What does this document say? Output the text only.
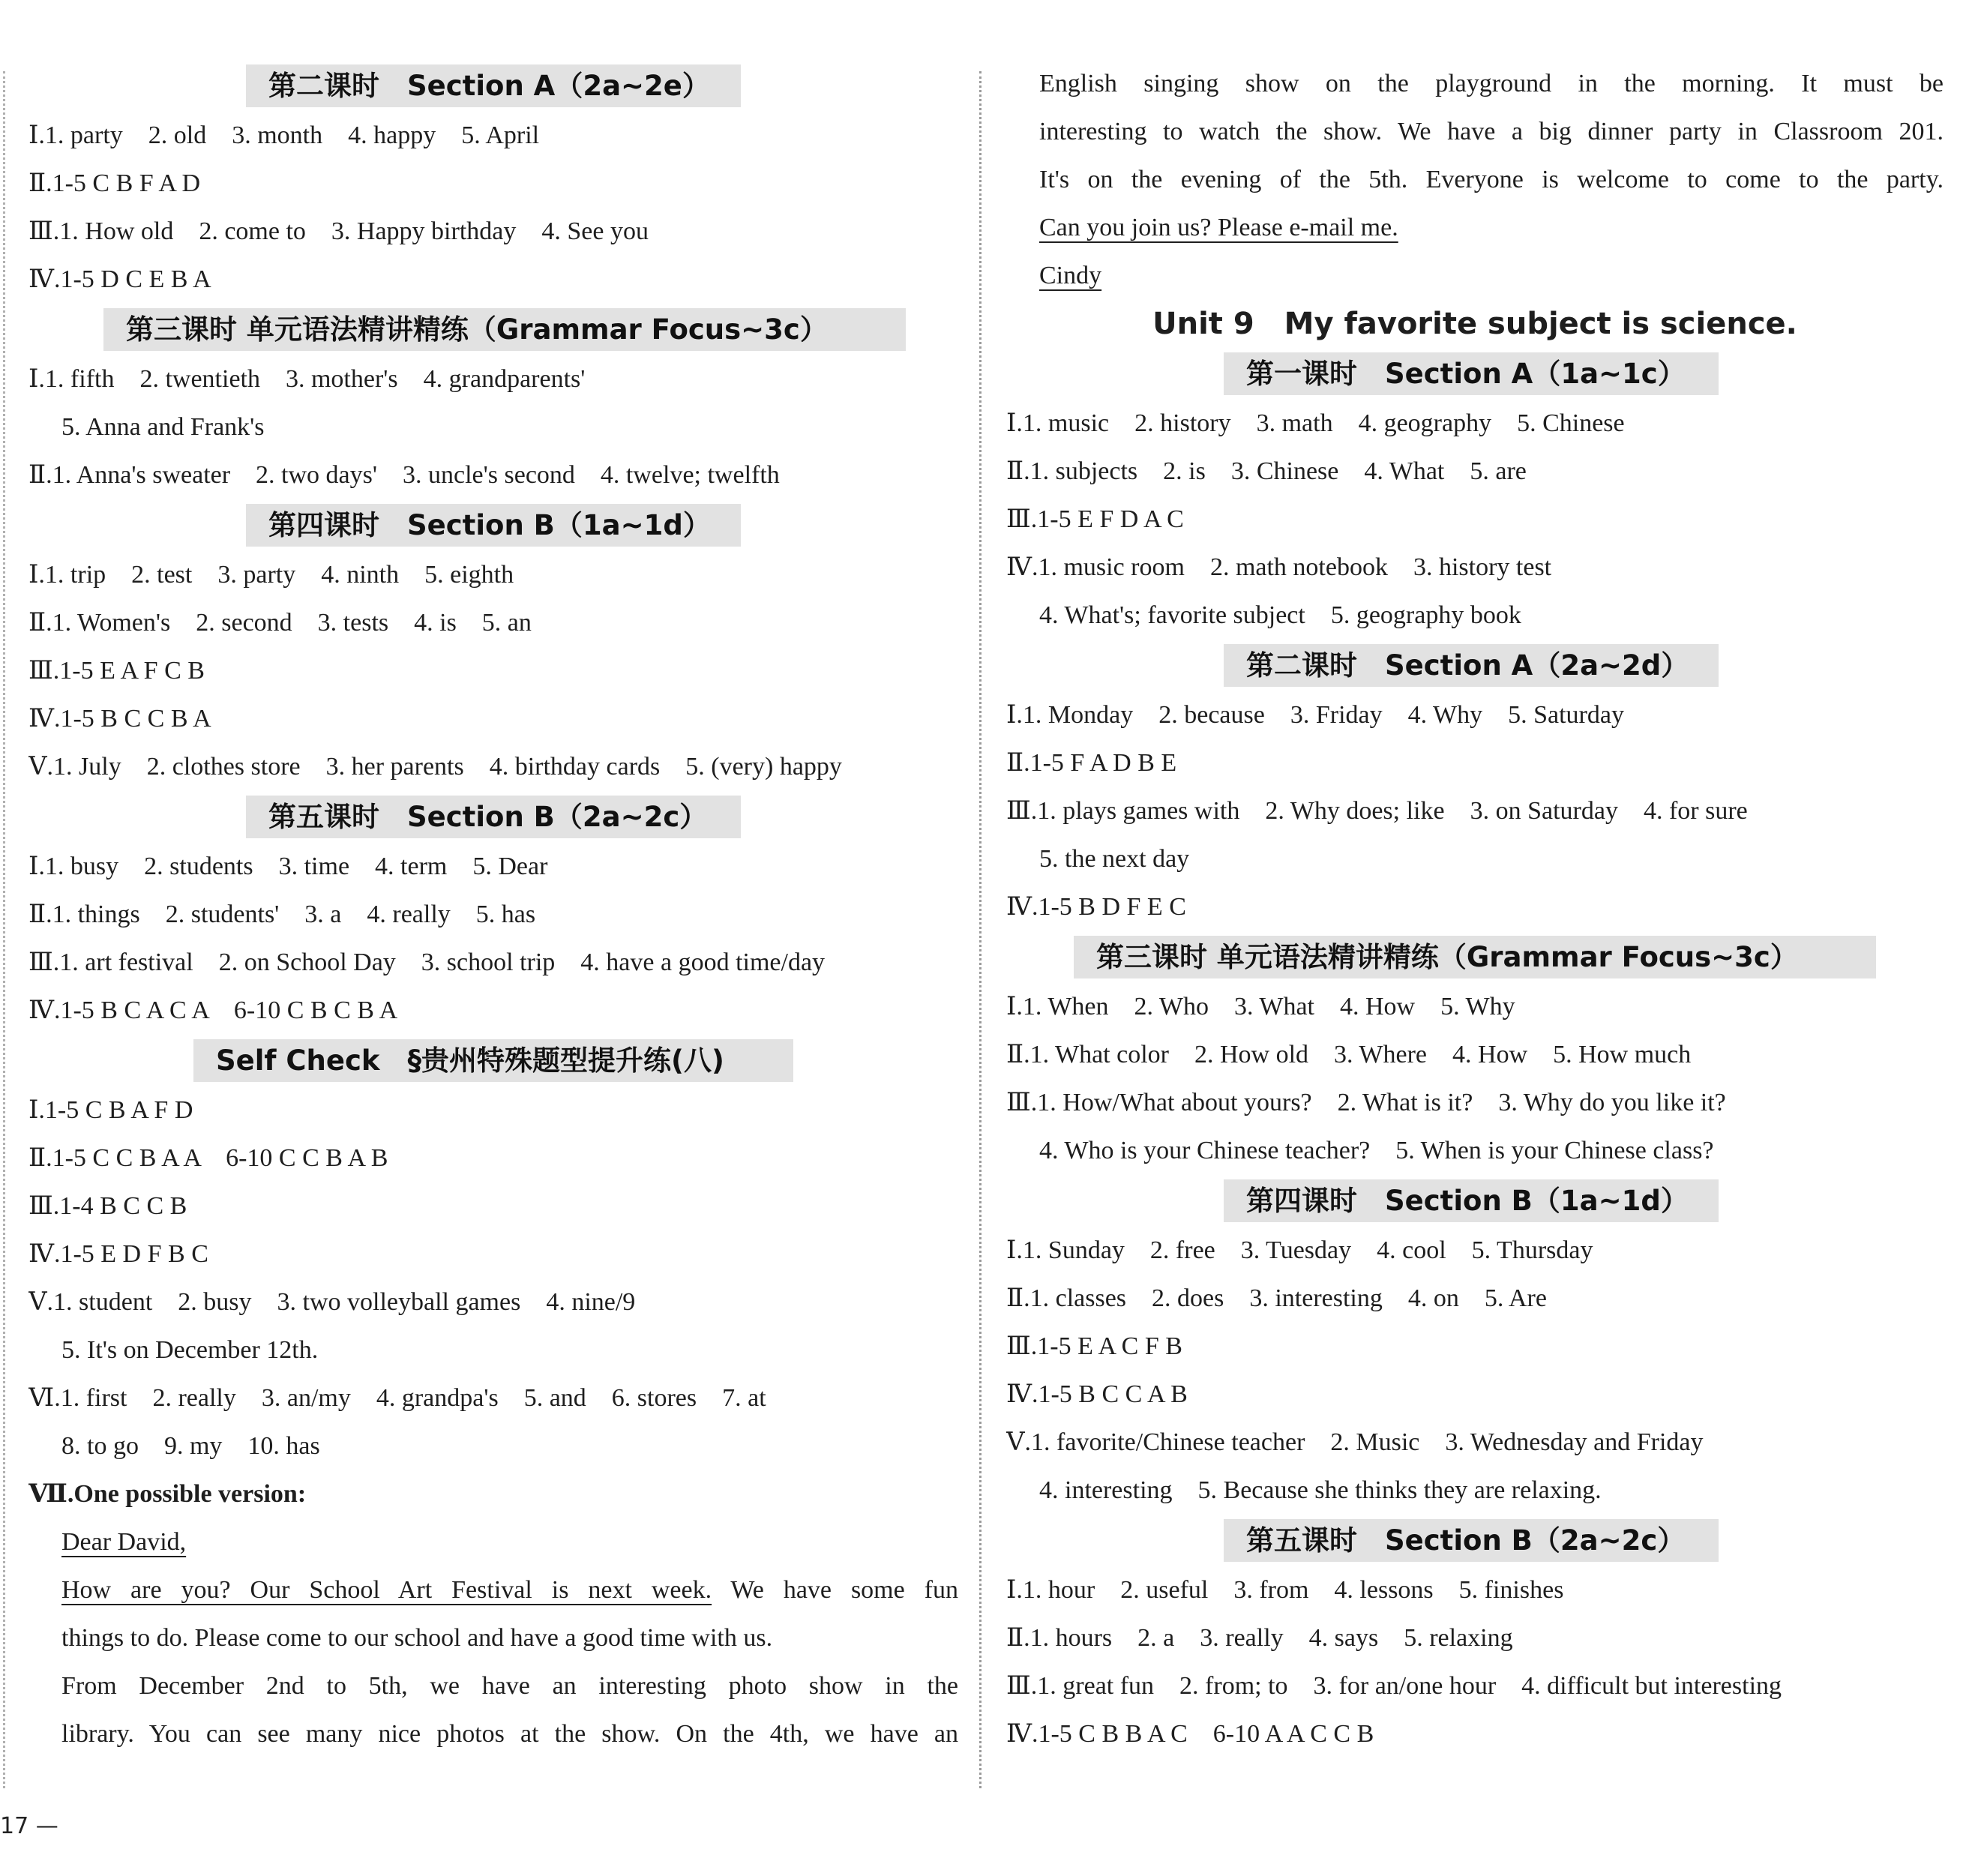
第二课时　Section A（2a~2e）
Ⅰ.1. party　2. old　3. month　4. happy　5. April
Ⅱ.1-5 C B F A D
Ⅲ.1. How old　2. come to　3. Happy birthday　4. See you
Ⅳ.1-5 D C E B A
第三课时 单元语法精讲精练（Grammar Focus~3c）
Ⅰ.1. fifth　2. twentieth　3. mother's　4. grandparents'
5. Anna and Frank's
Ⅱ.1. Anna's sweater　2. two days'　3. uncle's second　4. twelve; twelfth
第四课时　Section B（1a~1d）
Ⅰ.1. trip　2. test　3. party　4. ninth　5. eighth
Ⅱ.1. Women's　2. second　3. tests　4. is　5. an
Ⅲ.1-5 E A F C B
Ⅳ.1-5 B C C B A
Ⅴ.1. July　2. clothes store　3. her parents　4. birthday cards　5. (very) happy
第五课时　Section B（2a~2c）
Ⅰ.1. busy　2. students　3. time　4. term　5. Dear
Ⅱ.1. things　2. students'　3. a　4. really　5. has
Ⅲ.1. art festival　2. on School Day　3. school trip　4. have a good time/day
Ⅳ.1-5 B C A C A　6-10 C B C B A
Self Check　§贵州特殊题型提升练(八)
Ⅰ.1-5 C B A F D
Ⅱ.1-5 C C B A A　6-10 C C B A B
Ⅲ.1-4 B C C B
Ⅳ.1-5 E D F B C
Ⅴ.1. student　2. busy　3. two volleyball games　4. nine/9
5. It's on December 12th.
Ⅵ.1. first　2. really　3. an/my　4. grandpa's　5. and　6. stores　7. at
8. to go　9. my　10. has
Ⅶ.One possible version:
Dear David,
How are you? Our School Art Festival is next week. We have some fun
things to do. Please come to our school and have a good time with us.
From December 2nd to 5th, we have an interesting photo show in the
library. You can see many nice photos at the show. On the 4th, we have an
English singing show on the playground in the morning. It must be
interesting to watch the show. We have a big dinner party in Classroom 201.
It's on the evening of the 5th. Everyone is welcome to come to the party.
Can you join us? Please e-mail me.
Cindy
Unit 9　My favorite subject is science.
第一课时　Section A（1a~1c）
Ⅰ.1. music　2. history　3. math　4. geography　5. Chinese
Ⅱ.1. subjects　2. is　3. Chinese　4. What　5. are
Ⅲ.1-5 E F D A C
Ⅳ.1. music room　2. math notebook　3. history test
4. What's; favorite subject　5. geography book
第二课时　Section A（2a~2d）
Ⅰ.1. Monday　2. because　3. Friday　4. Why　5. Saturday
Ⅱ.1-5 F A D B E
Ⅲ.1. plays games with　2. Why does; like　3. on Saturday　4. for sure
5. the next day
Ⅳ.1-5 B D F E C
第三课时 单元语法精讲精练（Grammar Focus~3c）
Ⅰ.1. When　2. Who　3. What　4. How　5. Why
Ⅱ.1. What color　2. How old　3. Where　4. How　5. How much
Ⅲ.1. How/What about yours?　2. What is it?　3. Why do you like it?
4. Who is your Chinese teacher?　5. When is your Chinese class?
第四课时　Section B（1a~1d）
Ⅰ.1. Sunday　2. free　3. Tuesday　4. cool　5. Thursday
Ⅱ.1. classes　2. does　3. interesting　4. on　5. Are
Ⅲ.1-5 E A C F B
Ⅳ.1-5 B C C A B
Ⅴ.1. favorite/Chinese teacher　2. Music　3. Wednesday and Friday
4. interesting　5. Because she thinks they are relaxing.
第五课时　Section B（2a~2c）
Ⅰ.1. hour　2. useful　3. from　4. lessons　5. finishes
Ⅱ.1. hours　2. a　3. really　4. says　5. relaxing
Ⅲ.1. great fun　2. from; to　3. for an/one hour　4. difficult but interesting
Ⅳ.1-5 C B B A C　6-10 A A C C B
17 —
